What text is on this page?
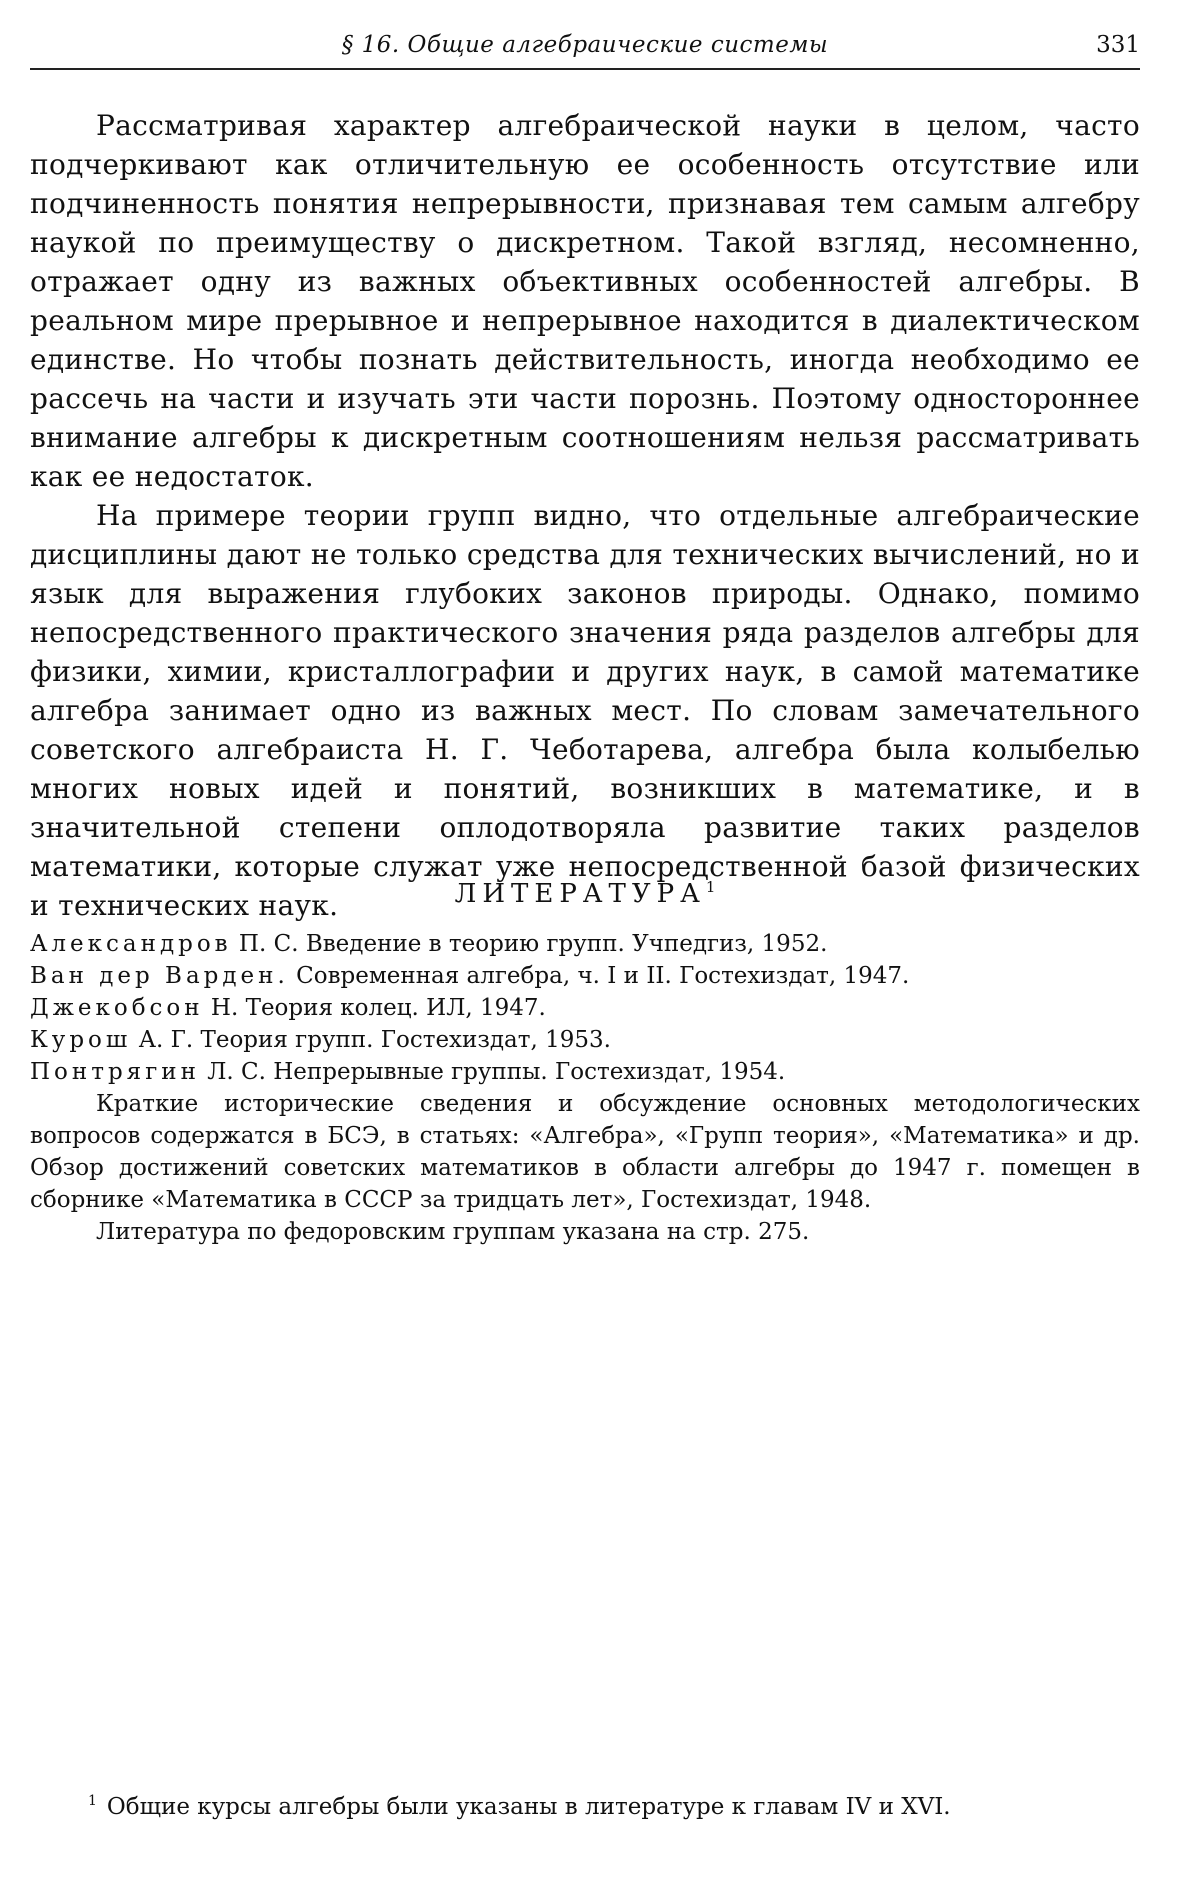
§ 16. Общие алгебраические системы	331

Рассматривая характер алгебраической науки в целом, часто подчеркивают как отличительную ее особенность отсутствие или подчиненность понятия непрерывности, признавая тем самым алгебру наукой по преимуществу о дискретном. Такой взгляд, несомненно, отражает одну из важных объективных особенностей алгебры. В реальном мире прерывное и непрерывное находится в диалектическом единстве. Но чтобы познать действительность, иногда необходимо ее рассечь на части и изучать эти части порознь. Поэтому одностороннее внимание алгебры к дискретным соотношениям нельзя рассматривать как ее недостаток.

На примере теории групп видно, что отдельные алгебраические дисциплины дают не только средства для технических вычислений, но и язык для выражения глубоких законов природы. Однако, помимо непосредственного практического значения ряда разделов алгебры для физики, химии, кристаллографии и других наук, в самой математике алгебра занимает одно из важных мест. По словам замечательного советского алгебраиста Н. Г. Чеботарева, алгебра была колыбелью многих новых идей и понятий, возникших в математике, и в значительной степени оплодотворяла развитие таких разделов математики, которые служат уже непосредственной базой физических и технических наук.	ЛИТЕРАТУРА$^1$

Александров П. С. Введение в теорию групп. Учпедгиз, 1952.

Ван дер Варден. Современная алгебра, ч. I и II. Гостехиздат, 1947.

Джекобсон Н. Теория колец. ИЛ, 1947.

Курош А. Г. Теория групп. Гостехиздат, 1953.

Понтрягин Л. С. Непрерывные группы. Гостехиздат, 1954.

Краткие исторические сведения и обсуждение основных методологических вопросов содержатся в БСЭ, в статьях: «Алгебра», «Групп теория», «Математика» и др. Обзор достижений советских математиков в области алгебры до 1947 г. помещен в сборнике «Математика в СССР за тридцать лет», Гостехиздат, 1948.

Литература по федоровским группам указана на стр. 275.

$^1$ Общие курсы алгебры были указаны в литературе к главам IV и XVI.
